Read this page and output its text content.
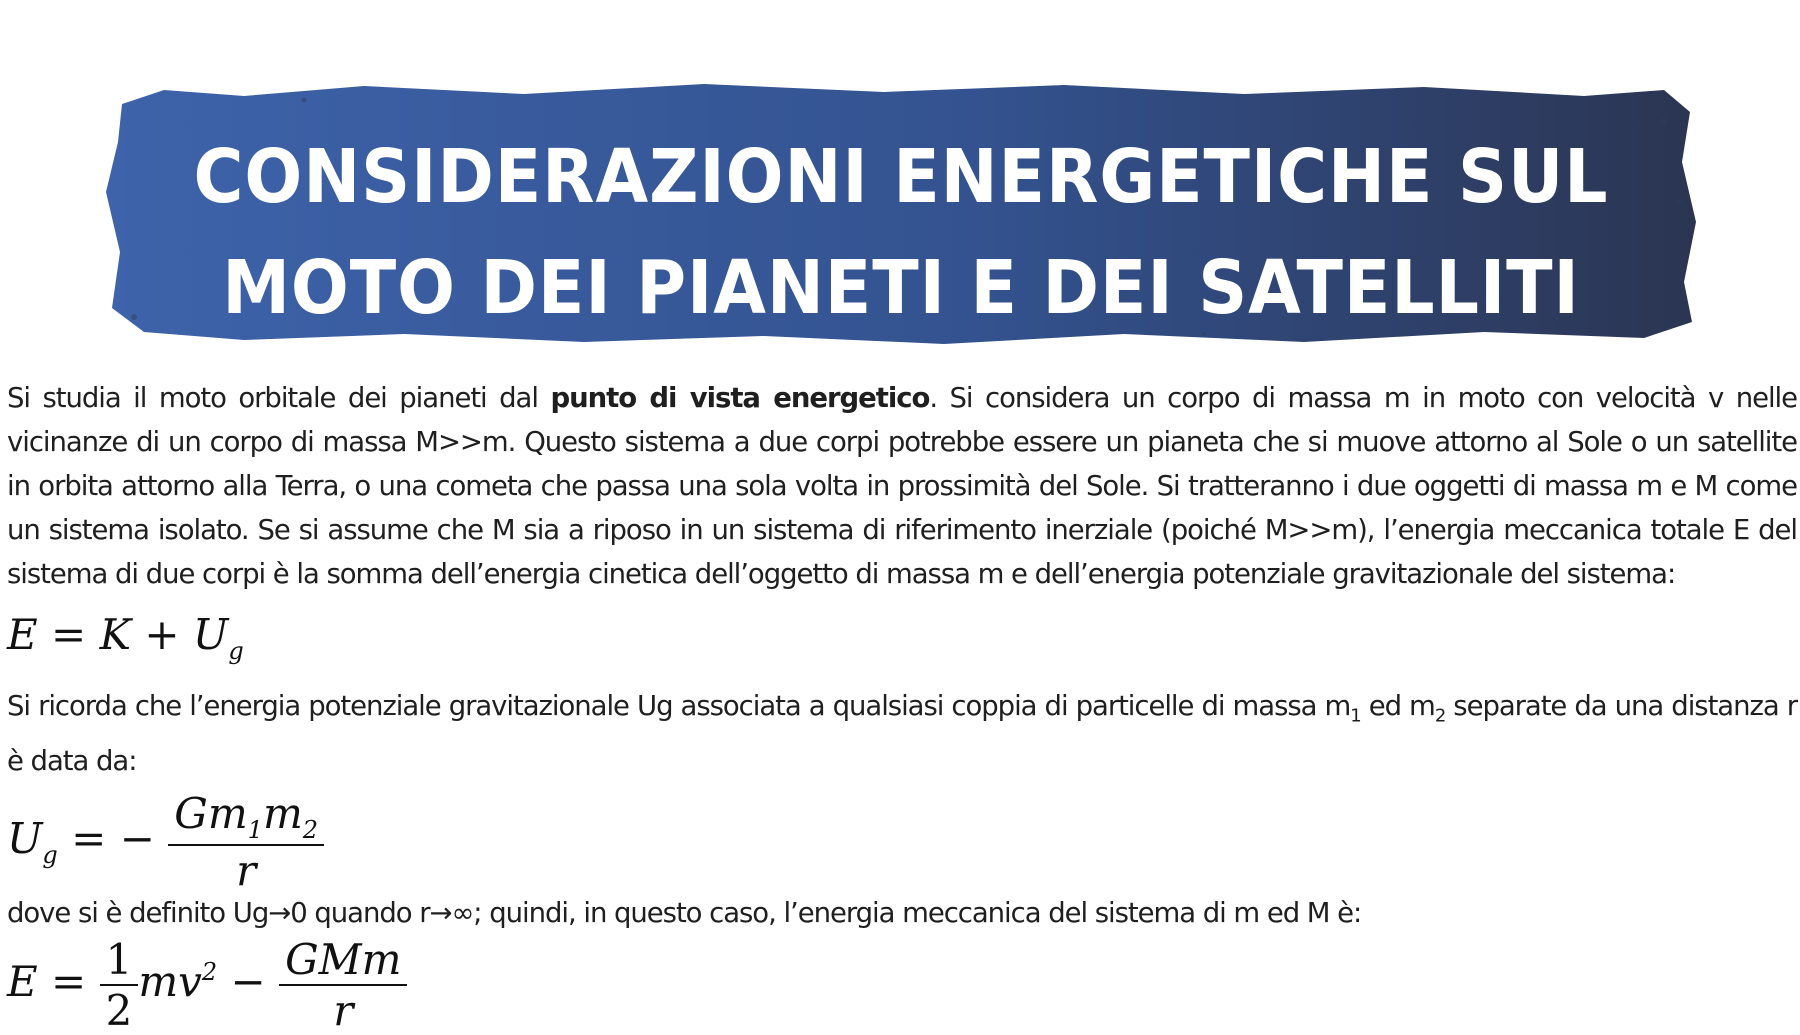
CONSIDERAZIONI ENERGETICHE SUL
MOTO DEI PIANETI E DEI SATELLITI

Si studia il moto orbitale dei pianeti dal punto di vista energetico. Si considera un corpo di massa m in moto con velocità v nelle vicinanze di un corpo di massa M>>m. Questo sistema a due corpi potrebbe essere un pianeta che si muove attorno al Sole o un satellite in orbita attorno alla Terra, o una cometa che passa una sola volta in prossimità del Sole. Si tratteranno i due oggetti di massa m e M come un sistema isolato. Se si assume che M sia a riposo in un sistema di riferimento inerziale (poiché M>>m), l’energia meccanica totale E del sistema di due corpi è la somma dell’energia cinetica dell’oggetto di massa m e dell’energia potenziale gravitazionale del sistema:

$E = K + U_g$

Si ricorda che l’energia potenziale gravitazionale Ug associata a qualsiasi coppia di particelle di massa $m_1$ ed $m_2$ separate da una distanza r è data da:

$U_g$ = − $\frac{Gm_1m_2}{r}$

dove si è definito Ug→0 quando r→∞; quindi, in questo caso, l’energia meccanica del sistema di m ed M è:

$E = \frac{1}{2} mv^2 - \frac{\text{GMm}}{r}$
